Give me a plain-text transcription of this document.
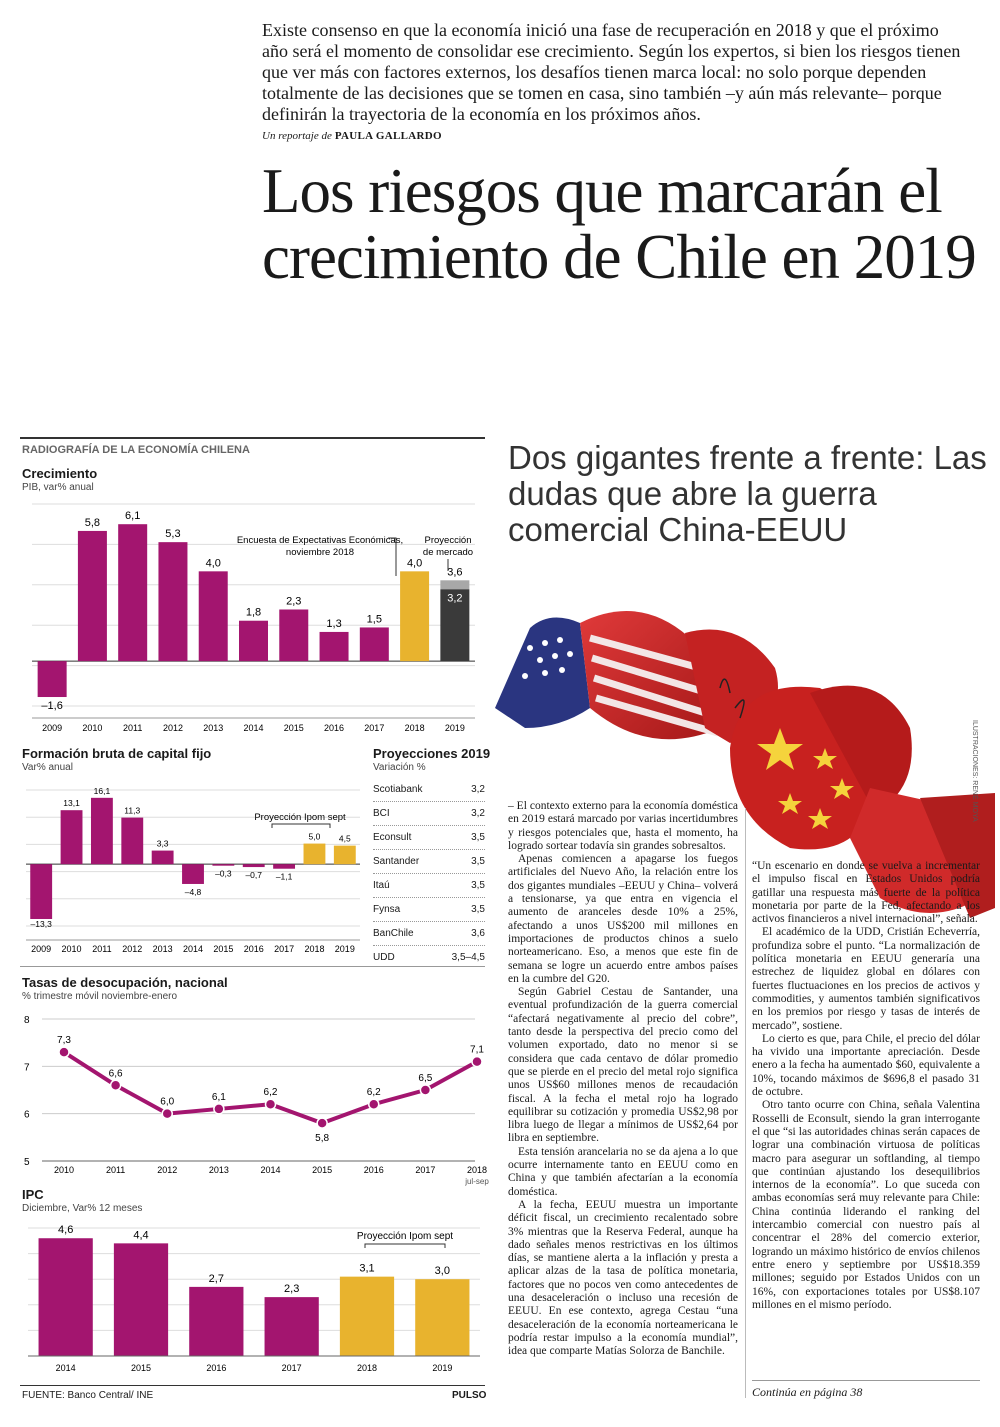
Existe consenso en que la economía inició una fase de recuperación en 2018 y que el próximo año será el momento de consolidar ese crecimiento. Según los expertos, si bien los riesgos tienen que ver más con factores externos, los desafíos tienen marca local: no solo porque dependen totalmente de las decisiones que se tomen en casa, sino también –y aún más relevante– porque definirán la trayectoria de la economía en los próximos años.
Un reportaje de PAULA GALLARDO
Los riesgos que marcarán el crecimiento de Chile en 2019
RADIOGRAFÍA DE LA ECONOMÍA CHILENA
Crecimiento
PIB, var% anual
–1,6
2009
5,8
2010
6,1
2011
5,3
2012
4,0
2013
1,8
2014
2,3
2015
1,3
2016
1,5
2017
4,0
2018
3,6
3,2
2019
Encuesta de Expectativas Económicas,
noviembre 2018
Proyección
de mercado
Formación bruta de capital fijo
Var% anual
–13,3
2009
13,1
2010
16,1
2011
11,3
2012
3,3
2013
–4,8
2014
–0,3
2015
–0,7
2016
–1,1
2017
5,0
2018
4,5
2019
Proyección Ipom sept
Proyecciones 2019
Variación %
Scotiabank	3,2
BCI	3,2
Econsult	3,5
Santander	3,5
Itaú	3,5
Fynsa	3,5
BanChile	3,6
UDD	3,5–4,5
Tasas de desocupación, nacional
% trimestre móvil noviembre-enero
8
7
6
5
7,3
2010
6,6
2011
6,0
2012
6,1
2013
6,2
2014
5,8
2015
6,2
2016
6,5
2017
7,1
2018
jul-sep
IPC
Diciembre, Var% 12 meses
4,6
2014
4,4
2015
2,7
2016
2,3
2017
3,1
2018
3,0
2019
Proyección Ipom sept
FUENTE: Banco Central/ INE	PULSO
Dos gigantes frente a frente: Las dudas que abre la guerra comercial China-EEUU
ILUSTRACIONES: RENÉ MOYA

– El contexto externo para la economía doméstica en 2019 estará marcado por varias incertidumbres y riesgos potenciales que, hasta el momento, ha logrado sortear todavía sin grandes sobresaltos.

Apenas comiencen a apagarse los fuegos artificiales del Nuevo Año, la relación entre los dos gigantes mundiales –EEUU y China– volverá a tensionarse, ya que entra en vigencia el aumento de aranceles desde 10% a 25%, afectando a unos US$200 mil millones en importaciones de productos chinos a suelo norteamericano. Eso, a menos que este fin de semana se logre un acuerdo entre ambos países en la cumbre del G20.

Según Gabriel Cestau de Santander, una eventual profundización de la guerra comercial “afectará negativamente al precio del cobre”, tanto desde la perspectiva del precio como del volumen exportado, dato no menor si se considera que cada centavo de dólar promedio que se pierde en el precio del metal rojo significa unos US$60 millones menos de recaudación fiscal. A la fecha el metal rojo ha logrado equilibrar su cotización y promedia US$2,98 por libra luego de llegar a mínimos de US$2,64 por libra en septiembre.

Esta tensión arancelaria no se da ajena a lo que ocurre internamente tanto en EEUU como en China y que también afectarían a la economía doméstica.

A la fecha, EEUU muestra un importante déficit fiscal, un crecimiento recalentado sobre 3% mientras que la Reserva Federal, aunque ha dado señales menos restrictivas en los últimos días, se mantiene alerta a la inflación y presta a aplicar alzas de la tasa de política monetaria, factores que no pocos ven como antecedentes de una desaceleración o incluso una recesión de EEUU. En ese contexto, agrega Cestau “una desaceleración de la economía norteamericana le podría restar impulso a la economía mundial”, idea que comparte Matías Solorza de Banchile.

“Un escenario en donde se vuelva a incrementar el impulso fiscal en Estados Unidos podría gatillar una respuesta más fuerte de la política monetaria por parte de la Fed, afectando a los activos financieros a nivel internacional”, señala.

El académico de la UDD, Cristián Echeverría, profundiza sobre el punto. “La normalización de política monetaria en EEUU generaría una estrechez de liquidez global en dólares con fuertes fluctuaciones en los precios de activos y commodities, y aumentos también significativos en los premios por riesgo y tasas de interés de mercado”, sostiene.

Lo cierto es que, para Chile, el precio del dólar ha vivido una importante apreciación. Desde enero a la fecha ha aumentado $60, equivalente a 10%, tocando máximos de $696,8 el pasado 31 de octubre.

Otro tanto ocurre con China, señala Valentina Rosselli de Econsult, siendo la gran interrogante el que “si las autoridades chinas serán capaces de lograr una combinación virtuosa de políticas macro para asegurar un softlanding, al tiempo que continúan ajustando los desequilibrios internos de la economía”. Lo que suceda con ambas economías será muy relevante para Chile: China continúa liderando el ranking del intercambio comercial con nuestro país al concentrar el 28% del comercio exterior, logrando un máximo histórico de envíos chilenos entre enero y septiembre por US$18.359 millones; seguido por Estados Unidos con un 16%, con exportaciones totales por US$8.107 millones en el mismo período.

Continúa en página 38
